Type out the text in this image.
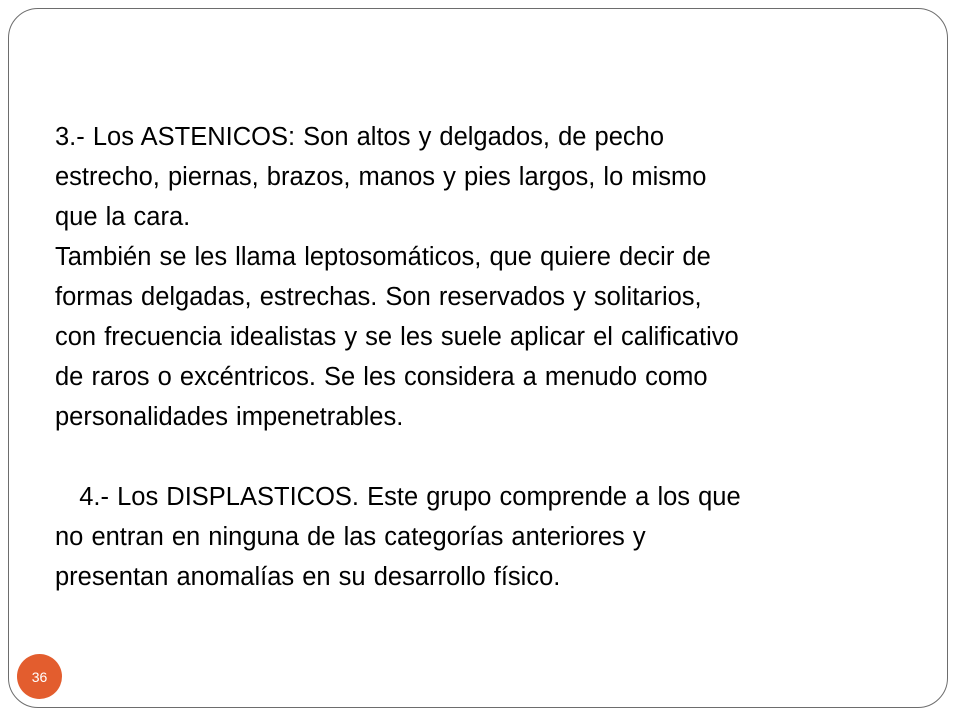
3.- Los ASTENICOS: Son altos y delgados, de pecho

estrecho, piernas, brazos, manos y pies largos, lo mismo

que la cara.

También se les llama leptosomáticos, que quiere decir de

formas delgadas, estrechas. Son reservados y solitarios,

con frecuencia idealistas y se les suele aplicar el calificativo

de raros o excéntricos. Se les considera a menudo como

personalidades impenetrables.

4.- Los DISPLASTICOS. Este grupo comprende a los que

no entran en ninguna de las categorías anteriores y

presentan anomalías en su desarrollo físico.

36
